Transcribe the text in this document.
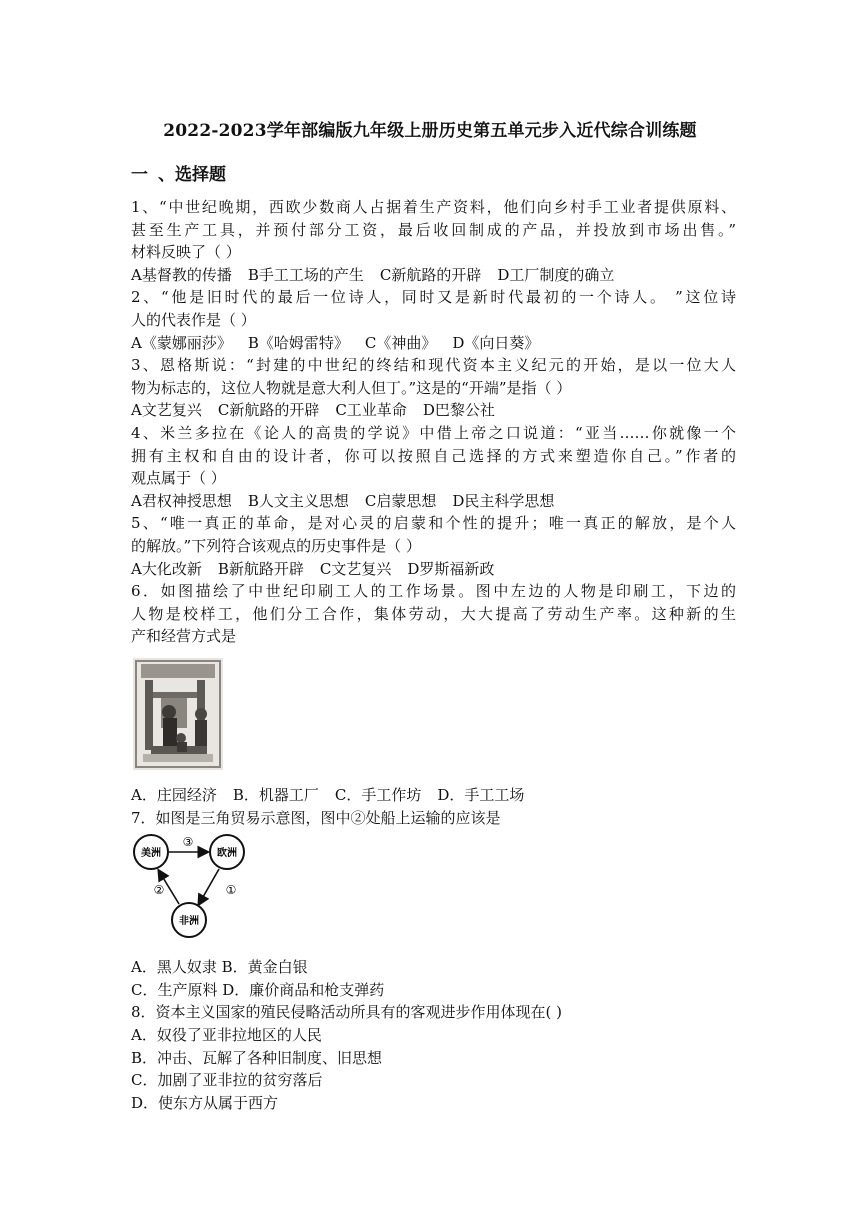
2022-2023学年部编版九年级上册历史第五单元步入近代综合训练题
一 、选择题
1、“中世纪晚期，西欧少数商人占据着生产资料，他们向乡村手工业者提供原料、
甚至生产工具，并预付部分工资，最后收回制成的产品，并投放到市场出售。”
材料反映了（ ）
A基督教的传播 B手工工场的产生 C新航路的开辟 D工厂制度的确立
2、“他是旧时代的最后一位诗人，同时又是新时代最初的一个诗人。 ”这位诗
人的代表作是（ ）
A《蒙娜丽莎》 B《哈姆雷特》 C《神曲》 D《向日葵》
3、恩格斯说：“封建的中世纪的终结和现代资本主义纪元的开始，是以一位大人
物为标志的，这位人物就是意大利人但丁。”这是的“开端”是指（ ）
A文艺复兴 C新航路的开辟 C工业革命 D巴黎公社
4、米兰多拉在《论人的高贵的学说》中借上帝之口说道：“亚当……你就像一个
拥有主权和自由的设计者，你可以按照自己选择的方式来塑造你自己。”作者的
观点属于（ ）
A君权神授思想 B人文主义思想 C启蒙思想 D民主科学思想
5、“唯一真正的革命，是对心灵的启蒙和个性的提升；唯一真正的解放，是个人
的解放。”下列符合该观点的历史事件是（ ）
A大化改新 B新航路开辟 C文艺复兴 D罗斯福新政
6．如图描绘了中世纪印刷工人的工作场景。图中左边的人物是印刷工，下边的
人物是校样工，他们分工合作，集体劳动，大大提高了劳动生产率。这种新的生
产和经营方式是
A．庄园经济 B．机器工厂 C．手工作坊 D．手工工场
7．如图是三角贸易示意图，图中②处船上运输的应该是
美洲	欧洲
非洲
③
②	①
A．黑人奴隶 B．黄金白银
C．生产原料 D．廉价商品和枪支弹药
8．资本主义国家的殖民侵略活动所具有的客观进步作用体现在( )
A．奴役了亚非拉地区的人民
B．冲击、瓦解了各种旧制度、旧思想
C．加剧了亚非拉的贫穷落后
D．使东方从属于西方
